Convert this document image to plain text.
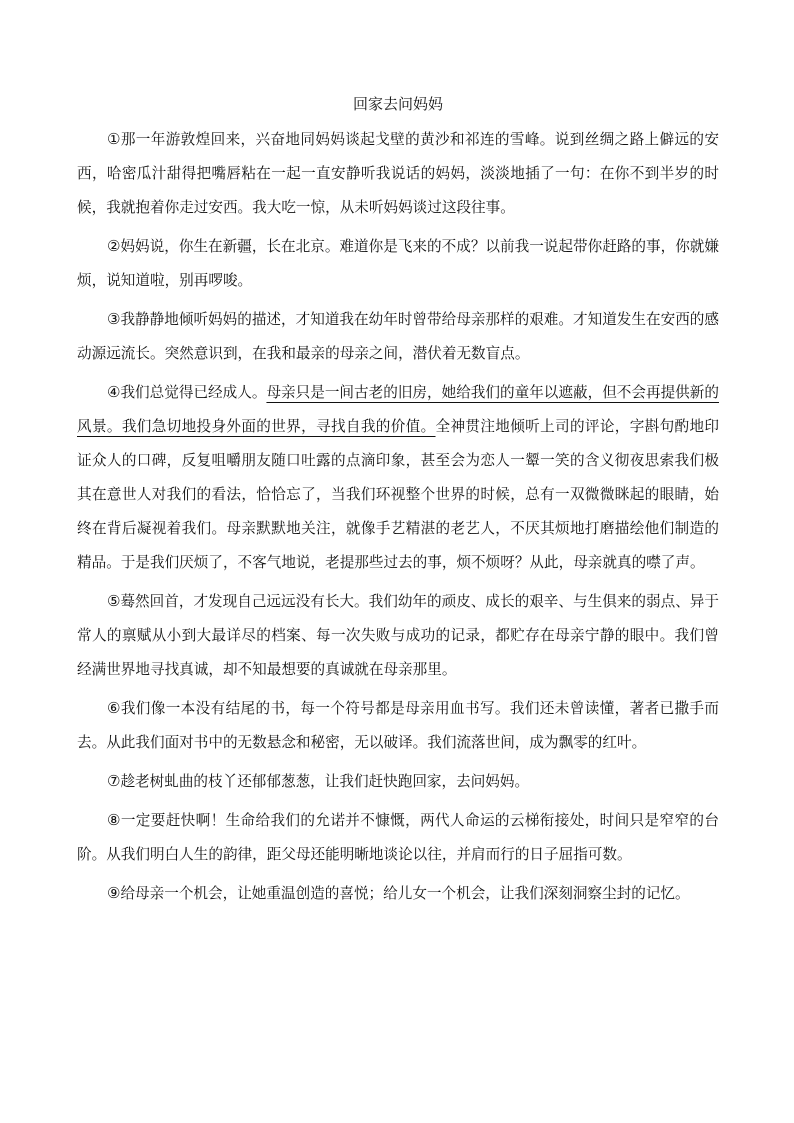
回家去问妈妈

①那一年游敦煌回来，兴奋地同妈妈谈起戈壁的黄沙和祁连的雪峰。说到丝绸之路上僻远的安西，哈密瓜汁甜得把嘴唇粘在一起一直安静听我说话的妈妈，淡淡地插了一句：在你不到半岁的时候，我就抱着你走过安西。我大吃一惊，从未听妈妈谈过这段往事。

②妈妈说，你生在新疆，长在北京。难道你是飞来的不成？以前我一说起带你赶路的事，你就嫌烦，说知道啦，别再啰唆。

③我静静地倾听妈妈的描述，才知道我在幼年时曾带给母亲那样的艰难。才知道发生在安西的感动源远流长。突然意识到，在我和最亲的母亲之间，潜伏着无数盲点。

④我们总觉得已经成人。母亲只是一间古老的旧房，她给我们的童年以遮蔽，但不会再提供新的风景。我们急切地投身外面的世界，寻找自我的价值。全神贯注地倾听上司的评论，字斟句酌地印证众人的口碑，反复咀嚼朋友随口吐露的点滴印象，甚至会为恋人一颦一笑的含义彻夜思索我们极其在意世人对我们的看法，恰恰忘了，当我们环视整个世界的时候，总有一双微微眯起的眼睛，始终在背后凝视着我们。母亲默默地关注，就像手艺精湛的老艺人，不厌其烦地打磨描绘他们制造的精品。于是我们厌烦了，不客气地说，老提那些过去的事，烦不烦呀？从此，母亲就真的噤了声。

⑤蓦然回首，才发现自己远远没有长大。我们幼年的顽皮、成长的艰辛、与生俱来的弱点、异于常人的禀赋从小到大最详尽的档案、每一次失败与成功的记录，都贮存在母亲宁静的眼中。我们曾经满世界地寻找真诚，却不知最想要的真诚就在母亲那里。

⑥我们像一本没有结尾的书，每一个符号都是母亲用血书写。我们还未曾读懂，著者已撒手而去。从此我们面对书中的无数悬念和秘密，无以破译。我们流落世间，成为飘零的红叶。

⑦趁老树虬曲的枝丫还郁郁葱葱，让我们赶快跑回家，去问妈妈。

⑧一定要赶快啊！生命给我们的允诺并不慷慨，两代人命运的云梯衔接处，时间只是窄窄的台阶。从我们明白人生的韵律，距父母还能明晰地谈论以往，并肩而行的日子屈指可数。

⑨给母亲一个机会，让她重温创造的喜悦；给儿女一个机会，让我们深刻洞察尘封的记忆。
